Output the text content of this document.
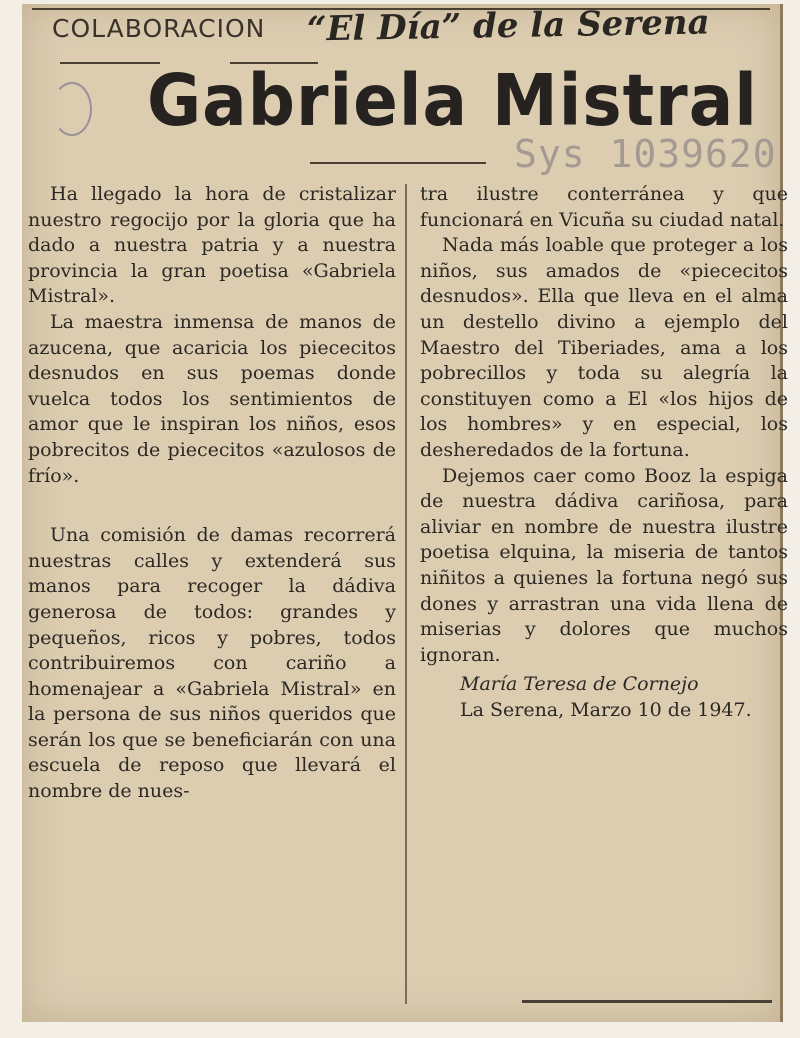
COLABORACION “El Día” de la Serena
Gabriela Mistral
Sys 1039620

Ha llegado la hora de cristalizar nuestro regocijo por la gloria que ha dado a nuestra patria y a nuestra provincia la gran poetisa «Gabriela Mistral».

La maestra inmensa de manos de azucena, que acaricia los piececitos desnudos en sus poemas donde vuelca todos los sentimientos de amor que le inspiran los niños, esos pobrecitos de piececitos «azulosos de frío».

Una comisión de damas recorrerá nuestras calles y extenderá sus manos para recoger la dádiva generosa de todos: grandes y pequeños, ricos y pobres, todos contribuiremos con cariño a homenajear a «Gabriela Mistral» en la persona de sus niños queridos que serán los que se beneficiarán con una escuela de reposo que llevará el nombre de nues-

tra ilustre conterránea y que funcionará en Vicuña su ciudad natal.

Nada más loable que proteger a los niños, sus amados de «piececitos desnudos». Ella que lleva en el alma un destello divino a ejemplo del Maestro del Tiberiades, ama a los pobrecillos y toda su alegría la constituyen como a El «los hijos de los hombres» y en especial, los desheredados de la fortuna.

Dejemos caer como Booz la espiga de nuestra dádiva cariñosa, para aliviar en nombre de nuestra ilustre poetisa elquina, la miseria de tantos niñitos a quienes la fortuna negó sus dones y arrastran una vida llena de miserias y dolores que muchos ignoran.

María Teresa de Cornejo

La Serena, Marzo 10 de 1947.
